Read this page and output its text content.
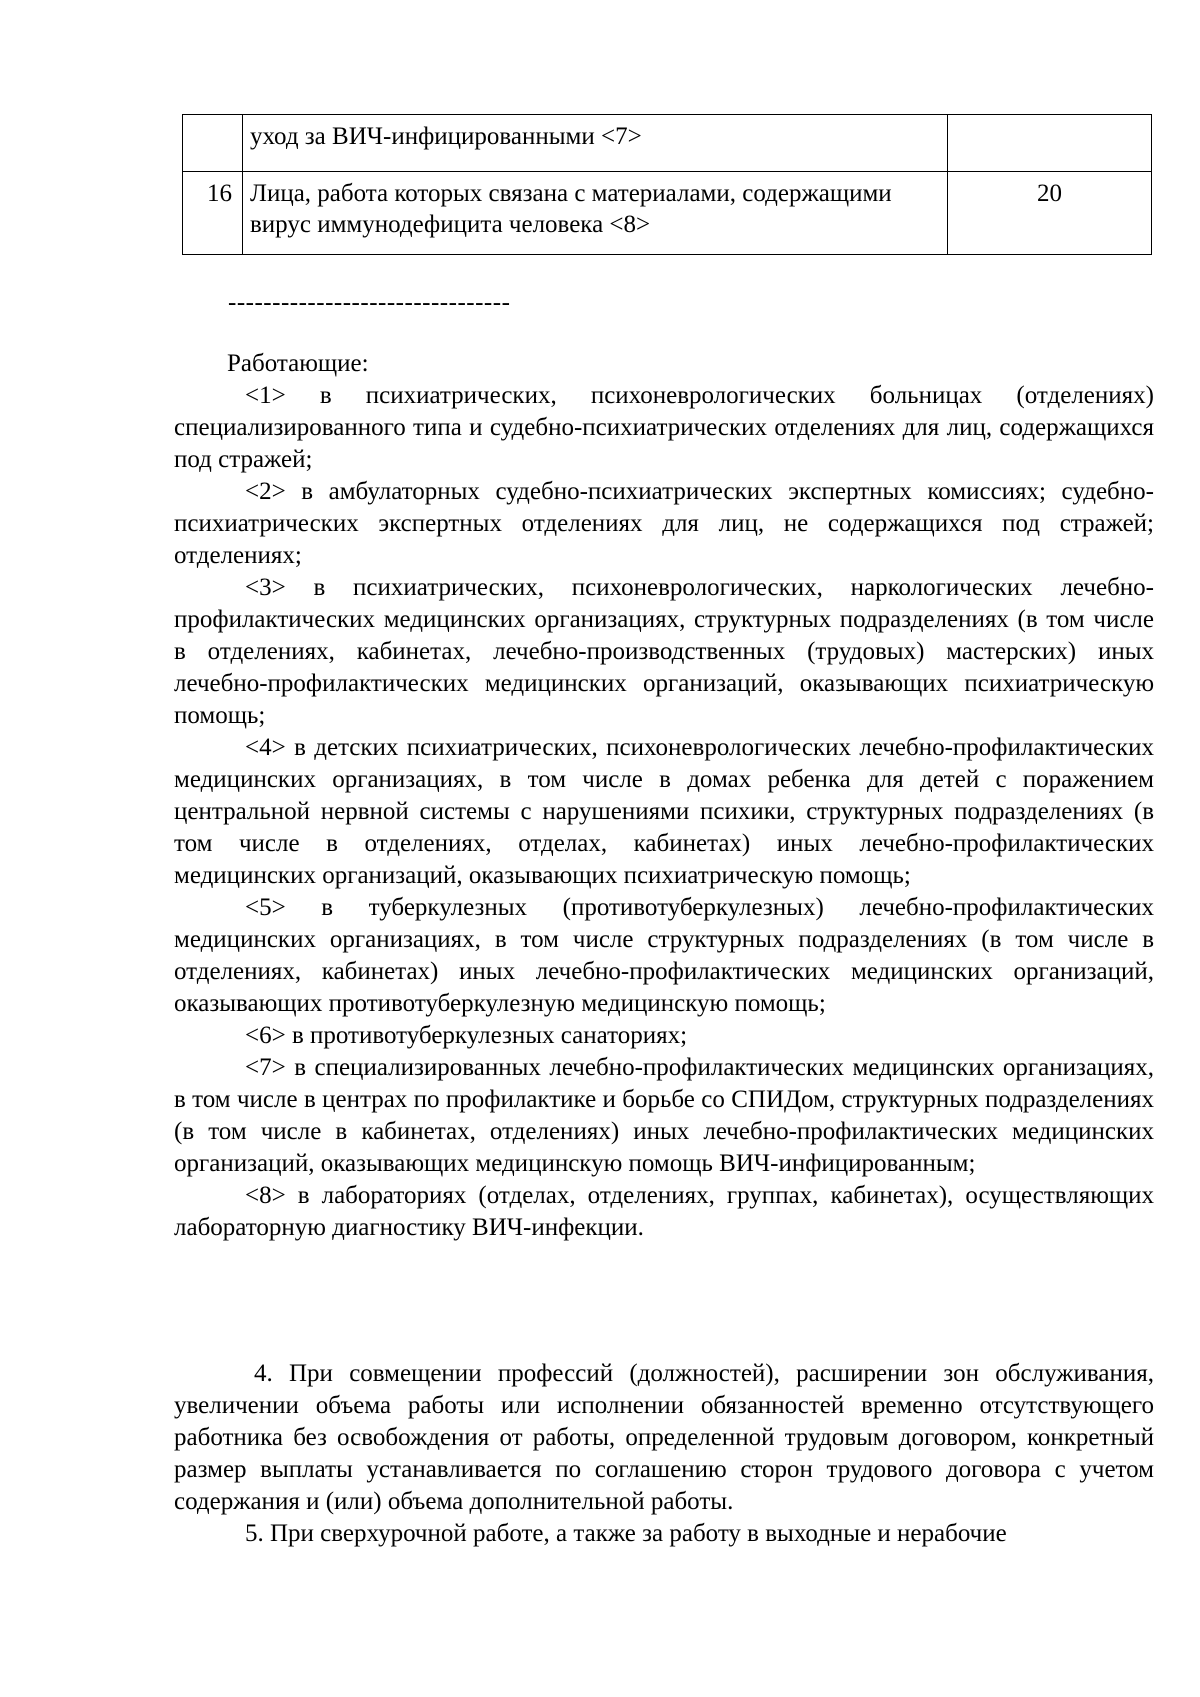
	уход за ВИЧ-инфицированными <7>	
16	Лица, работа которых связана с материалами, содержащими вирус иммунодефицита человека <8>	20
--------------------------------

Работающие:

<1> в психиатрических, психоневрологических больницах (отделениях) специализированного типа и судебно-психиатрических отделениях для лиц, содержащихся под стражей;

<2> в амбулаторных судебно-психиатрических экспертных комиссиях; судебно-психиатрических экспертных отделениях для лиц, не содержащихся под стражей; отделениях;

<3> в психиатрических, психоневрологических, наркологических лечебно-профилактических медицинских организациях, структурных подразделениях (в том числе в отделениях, кабинетах, лечебно-производственных (трудовых) мастерских) иных лечебно-профилактических медицинских организаций, оказывающих психиатрическую помощь;

<4> в детских психиатрических, психоневрологических лечебно-профилактических медицинских организациях, в том числе в домах ребенка для детей с поражением центральной нервной системы с нарушениями психики, структурных подразделениях (в том числе в отделениях, отделах, кабинетах) иных лечебно-профилактических медицинских организаций, оказывающих психиатрическую помощь;

<5> в туберкулезных (противотуберкулезных) лечебно-профилактических медицинских организациях, в том числе структурных подразделениях (в том числе в отделениях, кабинетах) иных лечебно-профилактических медицинских организаций, оказывающих противотуберкулезную медицинскую помощь;

<6> в противотуберкулезных санаториях;

<7> в специализированных лечебно-профилактических медицинских организациях, в том числе в центрах по профилактике и борьбе со СПИДом, структурных подразделениях (в том числе в кабинетах, отделениях) иных лечебно-профилактических медицинских организаций, оказывающих медицинскую помощь ВИЧ-инфицированным;

<8> в лабораториях (отделах, отделениях, группах, кабинетах), осуществляющих лабораторную диагностику ВИЧ-инфекции.

4. При совмещении профессий (должностей), расширении зон обслуживания, увеличении объема работы или исполнении обязанностей временно отсутствующего работника без освобождения от работы, определенной трудовым договором, конкретный размер выплаты устанавливается по соглашению сторон трудового договора с учетом содержания и (или) объема дополнительной работы.

5. При сверхурочной работе, а также за работу в выходные и нерабочие
